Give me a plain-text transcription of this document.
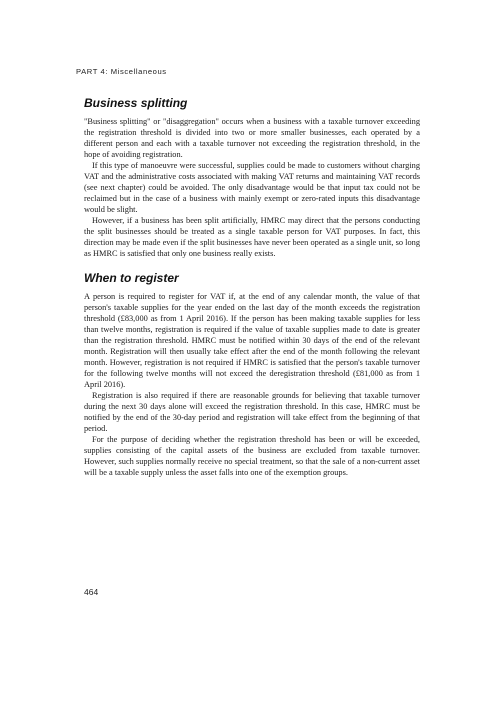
PART 4: Miscellaneous
Business splitting

"Business splitting" or "disaggregation" occurs when a business with a taxable turnover exceeding the registration threshold is divided into two or more smaller businesses, each operated by a different person and each with a taxable turnover not exceeding the registration threshold, in the hope of avoiding registration.

If this type of manoeuvre were successful, supplies could be made to customers without charging VAT and the administrative costs associated with making VAT returns and maintaining VAT records (see next chapter) could be avoided. The only disadvantage would be that input tax could not be reclaimed but in the case of a business with mainly exempt or zero-rated inputs this disadvantage would be slight.

However, if a business has been split artificially, HMRC may direct that the persons conducting the split businesses should be treated as a single taxable person for VAT purposes. In fact, this direction may be made even if the split businesses have never been operated as a single unit, so long as HMRC is satisfied that only one business really exists.

When to register

A person is required to register for VAT if, at the end of any calendar month, the value of that person's taxable supplies for the year ended on the last day of the month exceeds the registration threshold (£83,000 as from 1 April 2016). If the person has been making taxable supplies for less than twelve months, registration is required if the value of taxable supplies made to date is greater than the registration threshold. HMRC must be notified within 30 days of the end of the relevant month. Registration will then usually take effect after the end of the month following the relevant month. However, registration is not required if HMRC is satisfied that the person's taxable turnover for the following twelve months will not exceed the deregistration threshold (£81,000 as from 1 April 2016).

Registration is also required if there are reasonable grounds for believing that taxable turnover during the next 30 days alone will exceed the registration threshold. In this case, HMRC must be notified by the end of the 30-day period and registration will take effect from the beginning of that period.

For the purpose of deciding whether the registration threshold has been or will be exceeded, supplies consisting of the capital assets of the business are excluded from taxable turnover. However, such supplies normally receive no special treatment, so that the sale of a non-current asset will be a taxable supply unless the asset falls into one of the exemption groups.

464
